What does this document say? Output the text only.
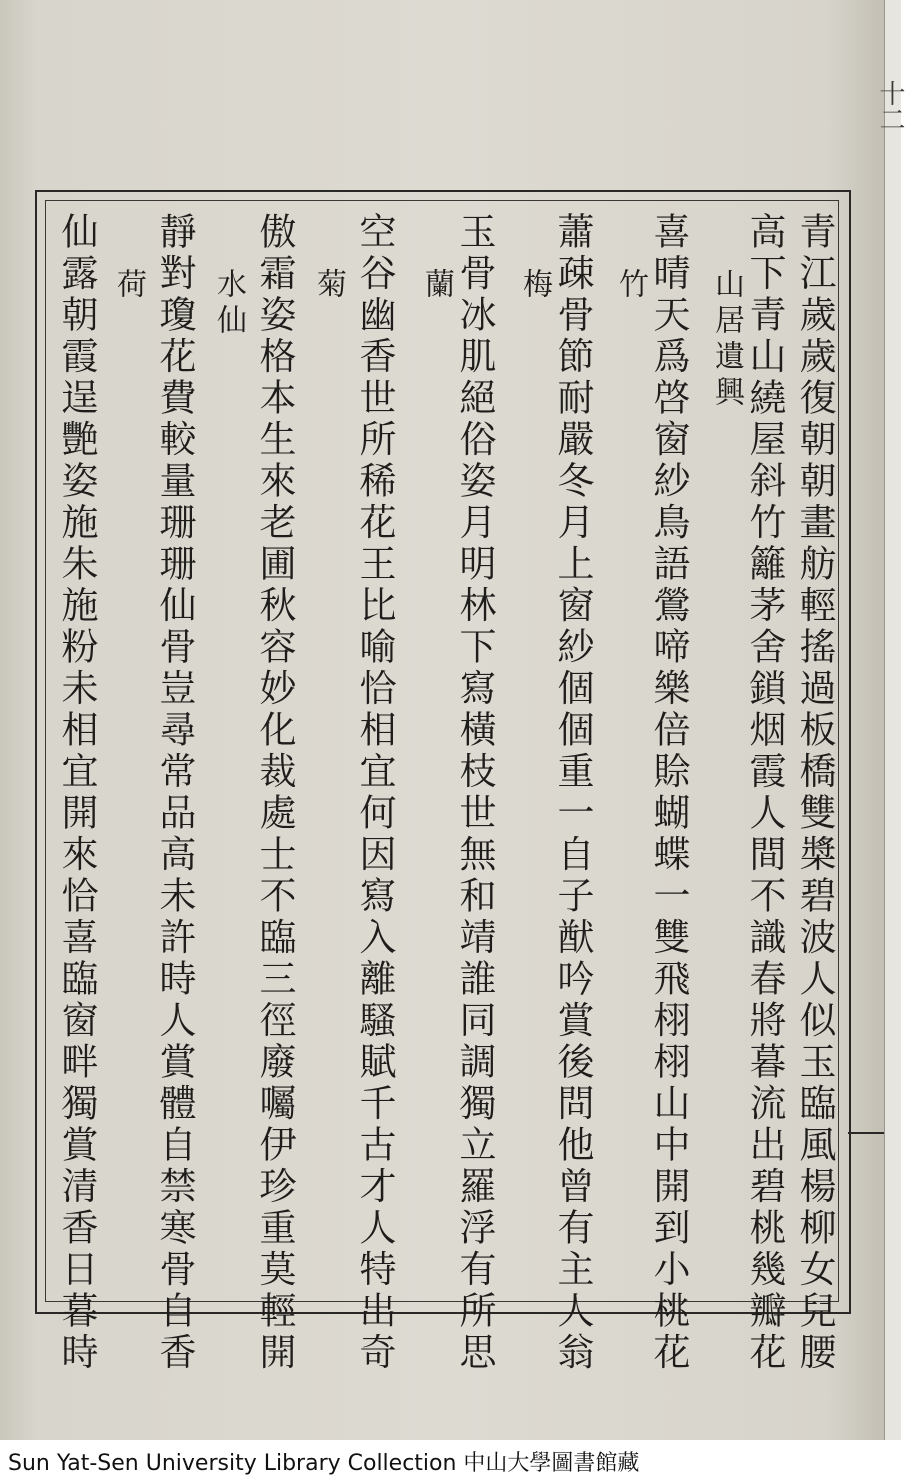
十二
青江歲歲復朝朝畫舫輕搖過板橋雙槳碧波人似玉臨風楊柳女兒腰
高下青山繞屋斜竹籬茅舍鎖烟霞人間不識春將暮流出碧桃幾瓣花
山居遺興
喜晴天爲啓窗紗鳥語鶯啼樂倍賒蝴蝶一雙飛栩栩山中開到小桃花
竹
蕭疎骨節耐嚴冬月上窗紗個個重一自子猷吟賞後問他曾有主人翁
梅
玉骨冰肌絕俗姿月明林下寫橫枝世無和靖誰同調獨立羅浮有所思
蘭
空谷幽香世所稀花王比喻恰相宜何因寫入離騷賦千古才人特出奇
菊
傲霜姿格本生來老圃秋容妙化裁處士不臨三徑廢囑伊珍重莫輕開
水仙
靜對瓊花費較量珊珊仙骨豈尋常品高未許時人賞體自禁寒骨自香
荷
仙露朝霞逞艷姿施朱施粉未相宜開來恰喜臨窗畔獨賞清香日暮時
Sun Yat-Sen University Library Collection 中山大學圖書館藏
